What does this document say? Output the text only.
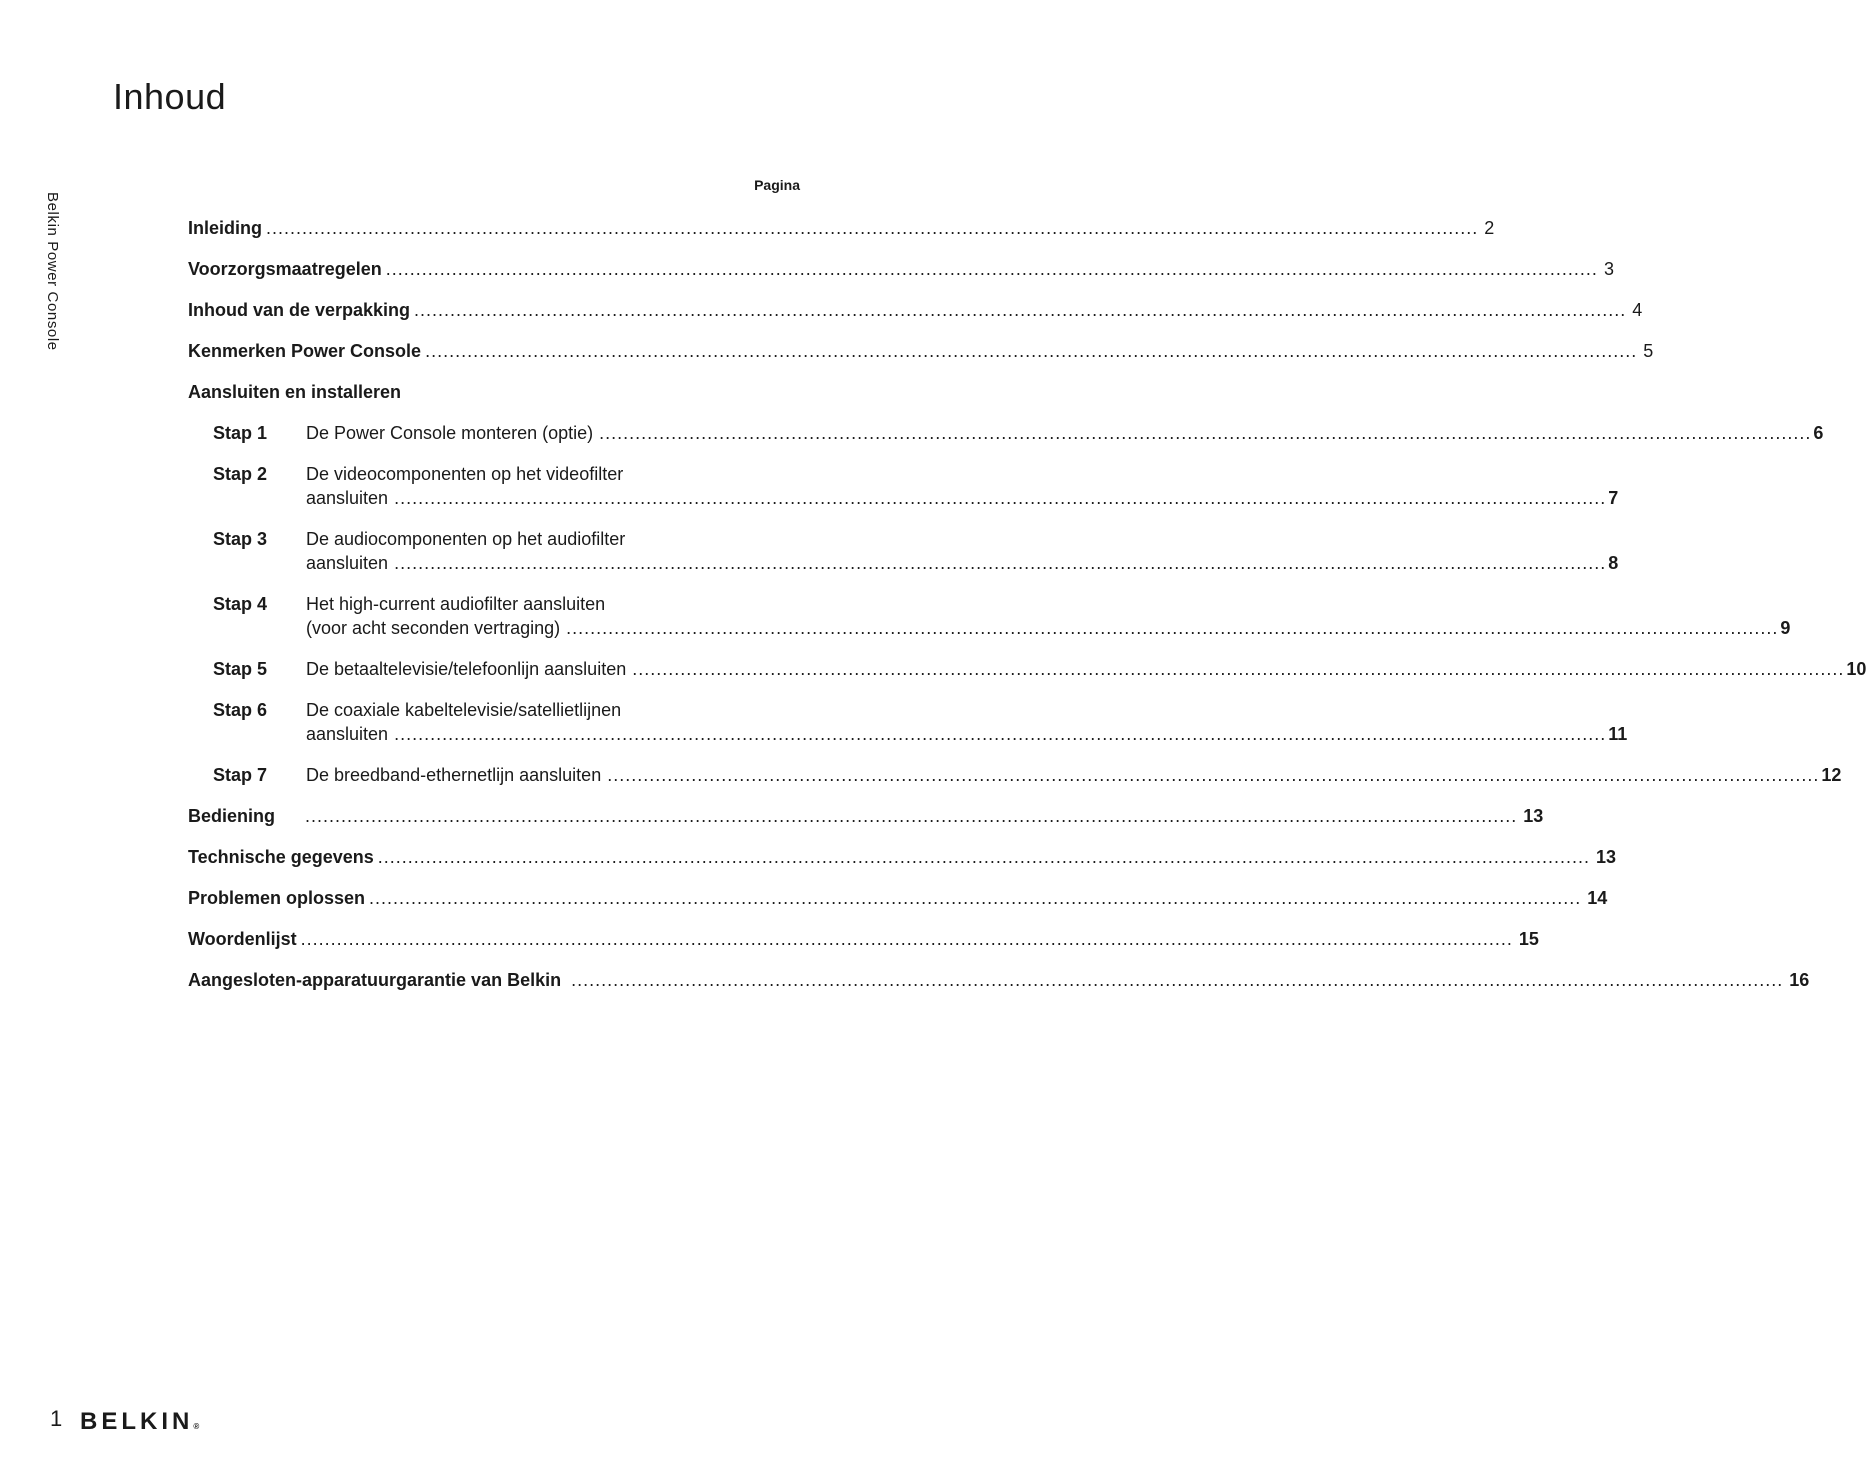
Inhoud
Belkin Power Console
Pagina
Inleiding .....	2
Voorzorgsmaatregelen .....	3
Inhoud van de verpakking .....	4
Kenmerken Power Console .....	5
Aansluiten en installeren
Stap 1	De Power Console monteren (optie) .....	6
Stap 2	De videocomponenten op het videofilter
aansluiten .....	7
Stap 3	De audiocomponenten op het audiofilter
aansluiten .....	8
Stap 4	Het high-current audiofilter aansluiten
(voor acht seconden vertraging) .....	9
Stap 5	De betaaltelevisie/telefoonlijn aansluiten .....	10
Stap 6	De coaxiale kabeltelevisie/satellietlijnen
aansluiten .....	11
Stap 7	De breedband-ethernetlijn aansluiten .....	12
Bediening .....	13
Technische gegevens .....	13
Problemen oplossen .....	14
Woordenlijst .....	15
Aangesloten-apparatuurgarantie van Belkin .....	16
1 BELKIN®
